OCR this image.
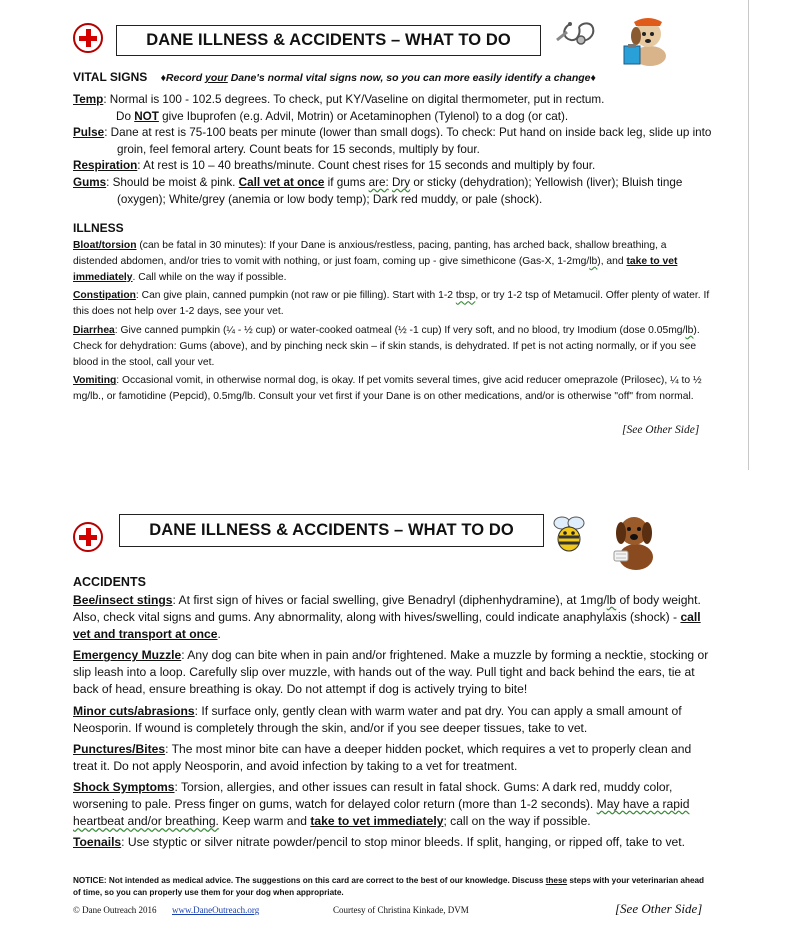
DANE ILLNESS & ACCIDENTS – WHAT TO DO
VITAL SIGNS ♦Record your Dane's normal vital signs now, so you can more easily identify a change♦
Temp: Normal is 100 - 102.5 degrees. To check, put KY/Vaseline on digital thermometer, put in rectum.
Do NOT give Ibuprofen (e.g. Advil, Motrin) or Acetaminophen (Tylenol) to a dog (or cat).
Pulse: Dane at rest is 75-100 beats per minute (lower than small dogs). To check: Put hand on inside back leg, slide up into groin, feel femoral artery. Count beats for 15 seconds, multiply by four.
Respiration: At rest is 10 – 40 breaths/minute. Count chest rises for 15 seconds and multiply by four.
Gums: Should be moist & pink. Call vet at once if gums are: Dry or sticky (dehydration); Yellowish (liver); Bluish tinge (oxygen); White/grey (anemia or low body temp); Dark red muddy, or pale (shock).
ILLNESS
Bloat/torsion (can be fatal in 30 minutes): If your Dane is anxious/restless, pacing, panting, has arched back, shallow breathing, a distended abdomen, and/or tries to vomit with nothing, or just foam, coming up - give simethicone (Gas-X, 1-2mg/lb), and take to vet immediately. Call while on the way if possible.
Constipation: Can give plain, canned pumpkin (not raw or pie filling). Start with 1-2 tbsp, or try 1-2 tsp of Metamucil. Offer plenty of water. If this does not help over 1-2 days, see your vet.
Diarrhea: Give canned pumpkin (¼ - ½ cup) or water-cooked oatmeal (½ -1 cup) If very soft, and no blood, try Imodium (dose 0.05mg/lb). Check for dehydration: Gums (above), and by pinching neck skin – if skin stands, is dehydrated. If pet is not acting normally, or if you see blood in the stool, call your vet.
Vomiting: Occasional vomit, in otherwise normal dog, is okay. If pet vomits several times, give acid reducer omeprazole (Prilosec), ¼ to ½ mg/lb., or famotidine (Pepcid), 0.5mg/lb. Consult your vet first if your Dane is on other medications, and/or is otherwise "off" from normal.
[See Other Side]
DANE ILLNESS & ACCIDENTS – WHAT TO DO
ACCIDENTS
Bee/insect stings: At first sign of hives or facial swelling, give Benadryl (diphenhydramine), at 1mg/lb of body weight. Also, check vital signs and gums. Any abnormality, along with hives/swelling, could indicate anaphylaxis (shock) - call vet and transport at once.
Emergency Muzzle: Any dog can bite when in pain and/or frightened. Make a muzzle by forming a necktie, stocking or slip leash into a loop. Carefully slip over muzzle, with hands out of the way. Pull tight and back behind the ears, tie at back of head, ensure breathing is okay. Do not attempt if dog is actively trying to bite!
Minor cuts/abrasions: If surface only, gently clean with warm water and pat dry. You can apply a small amount of Neosporin. If wound is completely through the skin, and/or if you see deeper tissues, take to vet.
Punctures/Bites: The most minor bite can have a deeper hidden pocket, which requires a vet to properly clean and treat it. Do not apply Neosporin, and avoid infection by taking to a vet for treatment.
Shock Symptoms: Torsion, allergies, and other issues can result in fatal shock. Gums: A dark red, muddy color, worsening to pale. Press finger on gums, watch for delayed color return (more than 1-2 seconds). May have a rapid heartbeat and/or breathing. Keep warm and take to vet immediately; call on the way if possible.
Toenails: Use styptic or silver nitrate powder/pencil to stop minor bleeds. If split, hanging, or ripped off, take to vet.
NOTICE: Not intended as medical advice. The suggestions on this card are correct to the best of our knowledge. Discuss these steps with your veterinarian ahead of time, so you can properly use them for your dog when appropriate.
© Dane Outreach 2016 www.DaneOutreach.org	Courtesy of Christina Kinkade, DVM	[See Other Side]
